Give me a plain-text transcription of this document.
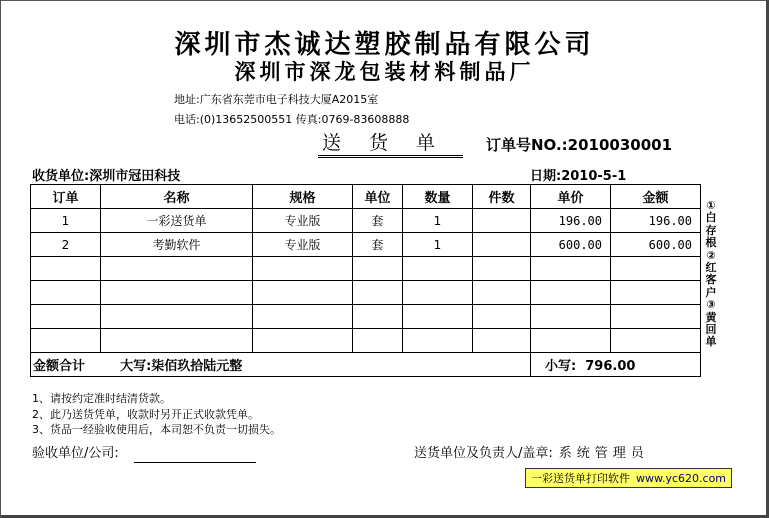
深圳市杰诚达塑胶制品有限公司
深圳市深龙包装材料制品厂
地址:广东省东莞市电子科技大厦A2015室
电话:(0)13652500551 传真:0769-83608888
送货单 订单号NO.:2010030001
收货单位:深圳市冠田科技	日期:2010-5-1
订单	名称	规格	单位	数量	件数	单价	金额
1	一彩送货单	专业版	套	1		196.00	196.00
2	考勤软件	专业版	套	1		600.00	600.00

金额合计 大写:柒佰玖拾陆元整						小写:  796.00	
①白存根②红客户③黄回单
1、请按约定准时结清货款。
2、此乃送货凭单，收款时另开正式收款凭单。
3、货品一经验收使用后，本司恕不负责一切损失。
验收单位/公司:	送货单位及负责人/盖章: 系统管理员
一彩送货单打印软件 www.yc620.com
